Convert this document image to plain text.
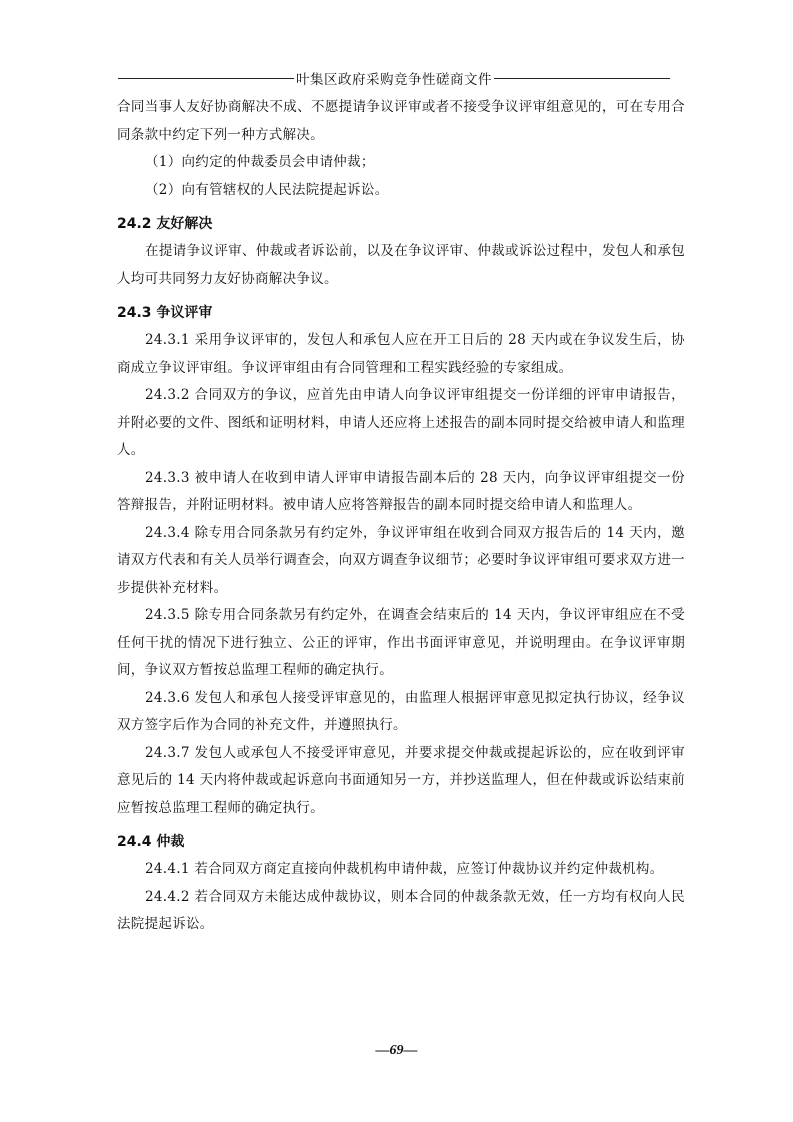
叶集区政府采购竞争性磋商文件

合同当事人友好协商解决不成、不愿提请争议评审或者不接受争议评审组意见的，可在专用合同条款中约定下列一种方式解决。

（1）向约定的仲裁委员会申请仲裁；

（2）向有管辖权的人民法院提起诉讼。

24.2 友好解决

在提请争议评审、仲裁或者诉讼前，以及在争议评审、仲裁或诉讼过程中，发包人和承包人均可共同努力友好协商解决争议。

24.3 争议评审

24.3.1 采用争议评审的，发包人和承包人应在开工日后的 28 天内或在争议发生后，协商成立争议评审组。争议评审组由有合同管理和工程实践经验的专家组成。

24.3.2 合同双方的争议，应首先由申请人向争议评审组提交一份详细的评审申请报告，并附必要的文件、图纸和证明材料，申请人还应将上述报告的副本同时提交给被申请人和监理人。

24.3.3 被申请人在收到申请人评审申请报告副本后的 28 天内，向争议评审组提交一份答辩报告，并附证明材料。被申请人应将答辩报告的副本同时提交给申请人和监理人。

24.3.4 除专用合同条款另有约定外，争议评审组在收到合同双方报告后的 14 天内，邀请双方代表和有关人员举行调查会，向双方调查争议细节；必要时争议评审组可要求双方进一步提供补充材料。

24.3.5 除专用合同条款另有约定外，在调查会结束后的 14 天内，争议评审组应在不受任何干扰的情况下进行独立、公正的评审，作出书面评审意见，并说明理由。在争议评审期间，争议双方暂按总监理工程师的确定执行。

24.3.6 发包人和承包人接受评审意见的，由监理人根据评审意见拟定执行协议，经争议双方签字后作为合同的补充文件，并遵照执行。

24.3.7 发包人或承包人不接受评审意见，并要求提交仲裁或提起诉讼的，应在收到评审意见后的 14 天内将仲裁或起诉意向书面通知另一方，并抄送监理人，但在仲裁或诉讼结束前应暂按总监理工程师的确定执行。

24.4 仲裁

24.4.1 若合同双方商定直接向仲裁机构申请仲裁，应签订仲裁协议并约定仲裁机构。

24.4.2 若合同双方未能达成仲裁协议，则本合同的仲裁条款无效，任一方均有权向人民法院提起诉讼。

—69—
